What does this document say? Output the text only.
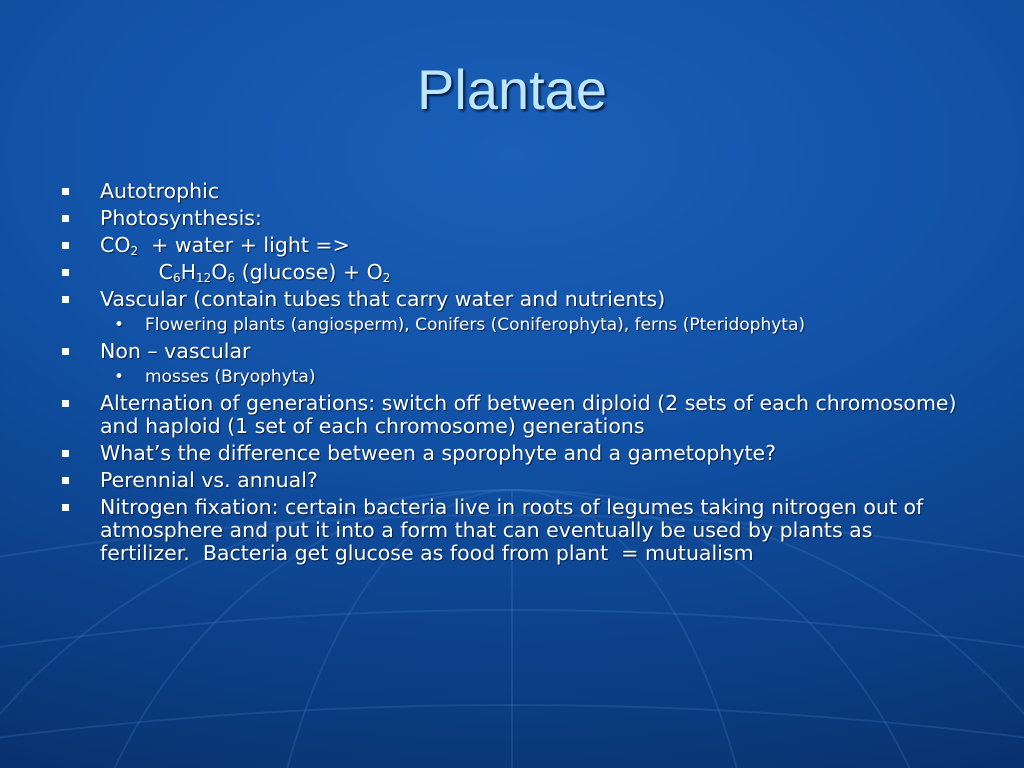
Plantae
Autotrophic
Photosynthesis:
$CO_2$  + water + light =>
$C_6H_{12}O_6$ $(glucose) + O_2$
Vascular (contain tubes that carry water and nutrients)
• Flowering plants (angiosperm), Conifers (Coniferophyta), ferns (Pteridophyta)
Non – vascular
• mosses (Bryophyta)
Alternation of generations: switch off between diploid (2 sets of each chromosome) and haploid (1 set of each chromosome) generations
What’s the difference between a sporophyte and a gametophyte?
Perennial vs. annual?
Nitrogen fixation: certain bacteria live in roots of legumes taking nitrogen out of atmosphere and put it into a form that can eventually be used by plants as fertilizer.  Bacteria get glucose as food from plant  = mutualism
